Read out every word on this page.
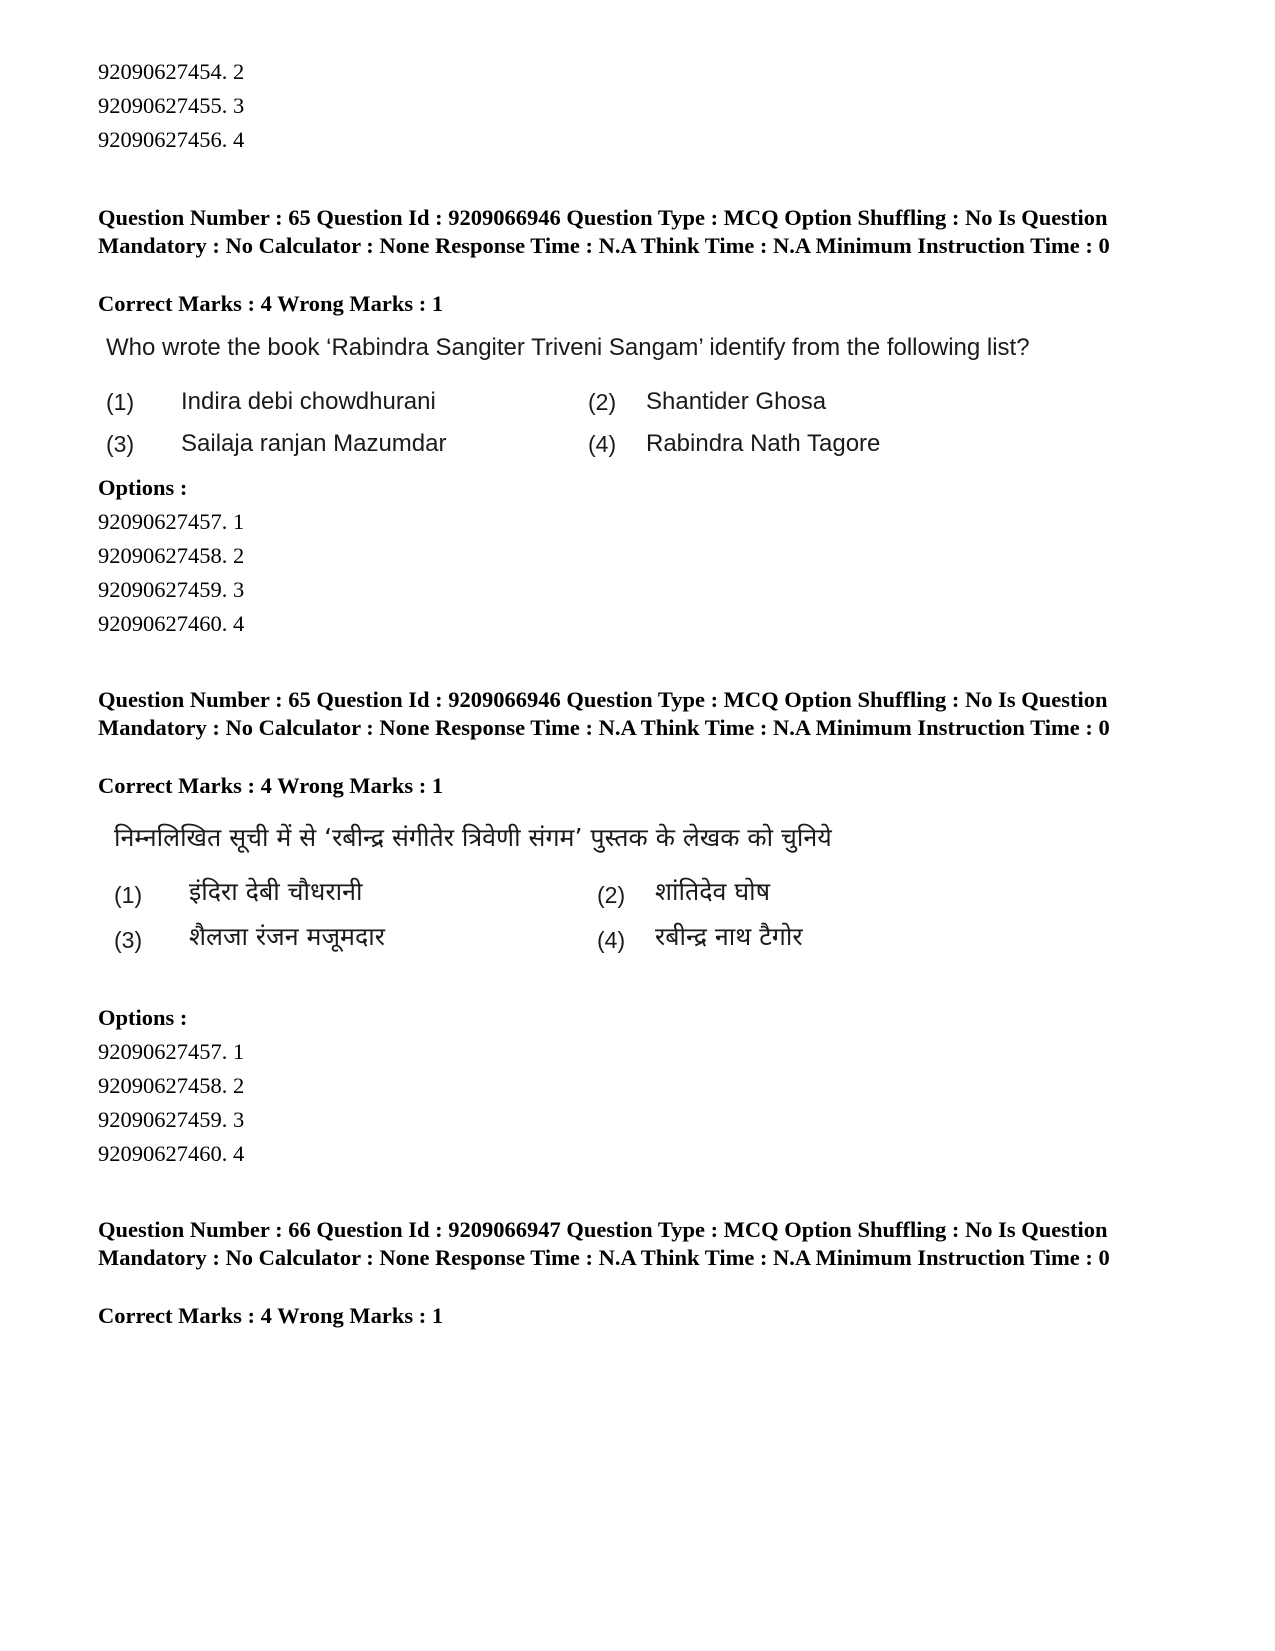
92090627454. 2
92090627455. 3
92090627456. 4
Question Number : 65 Question Id : 9209066946 Question Type : MCQ Option Shuffling : No Is Question Mandatory : No Calculator : None Response Time : N.A Think Time : N.A Minimum Instruction Time : 0
Correct Marks : 4 Wrong Marks : 1
Who wrote the book ‘Rabindra Sangiter Triveni Sangam’ identify from the following list?
(1) Indira debi chowdhurani	(2) Shantider Ghosa
(3) Sailaja ranjan Mazumdar	(4) Rabindra Nath Tagore
Options :
92090627457. 1
92090627458. 2
92090627459. 3
92090627460. 4
Question Number : 65 Question Id : 9209066946 Question Type : MCQ Option Shuffling : No Is Question Mandatory : No Calculator : None Response Time : N.A Think Time : N.A Minimum Instruction Time : 0
Correct Marks : 4 Wrong Marks : 1
निम्नलिखित सूची में से ‘रबीन्द्र संगीतेर त्रिवेणी संगम’ पुस्तक के लेखक को चुनिये
(1) इंदिरा देबी चौधरानी	(2) शांतिदेव घोष
(3) शैलजा रंजन मजूमदार	(4) रबीन्द्र नाथ टैगोर
Options :
92090627457. 1
92090627458. 2
92090627459. 3
92090627460. 4
Question Number : 66 Question Id : 9209066947 Question Type : MCQ Option Shuffling : No Is Question Mandatory : No Calculator : None Response Time : N.A Think Time : N.A Minimum Instruction Time : 0
Correct Marks : 4 Wrong Marks : 1
